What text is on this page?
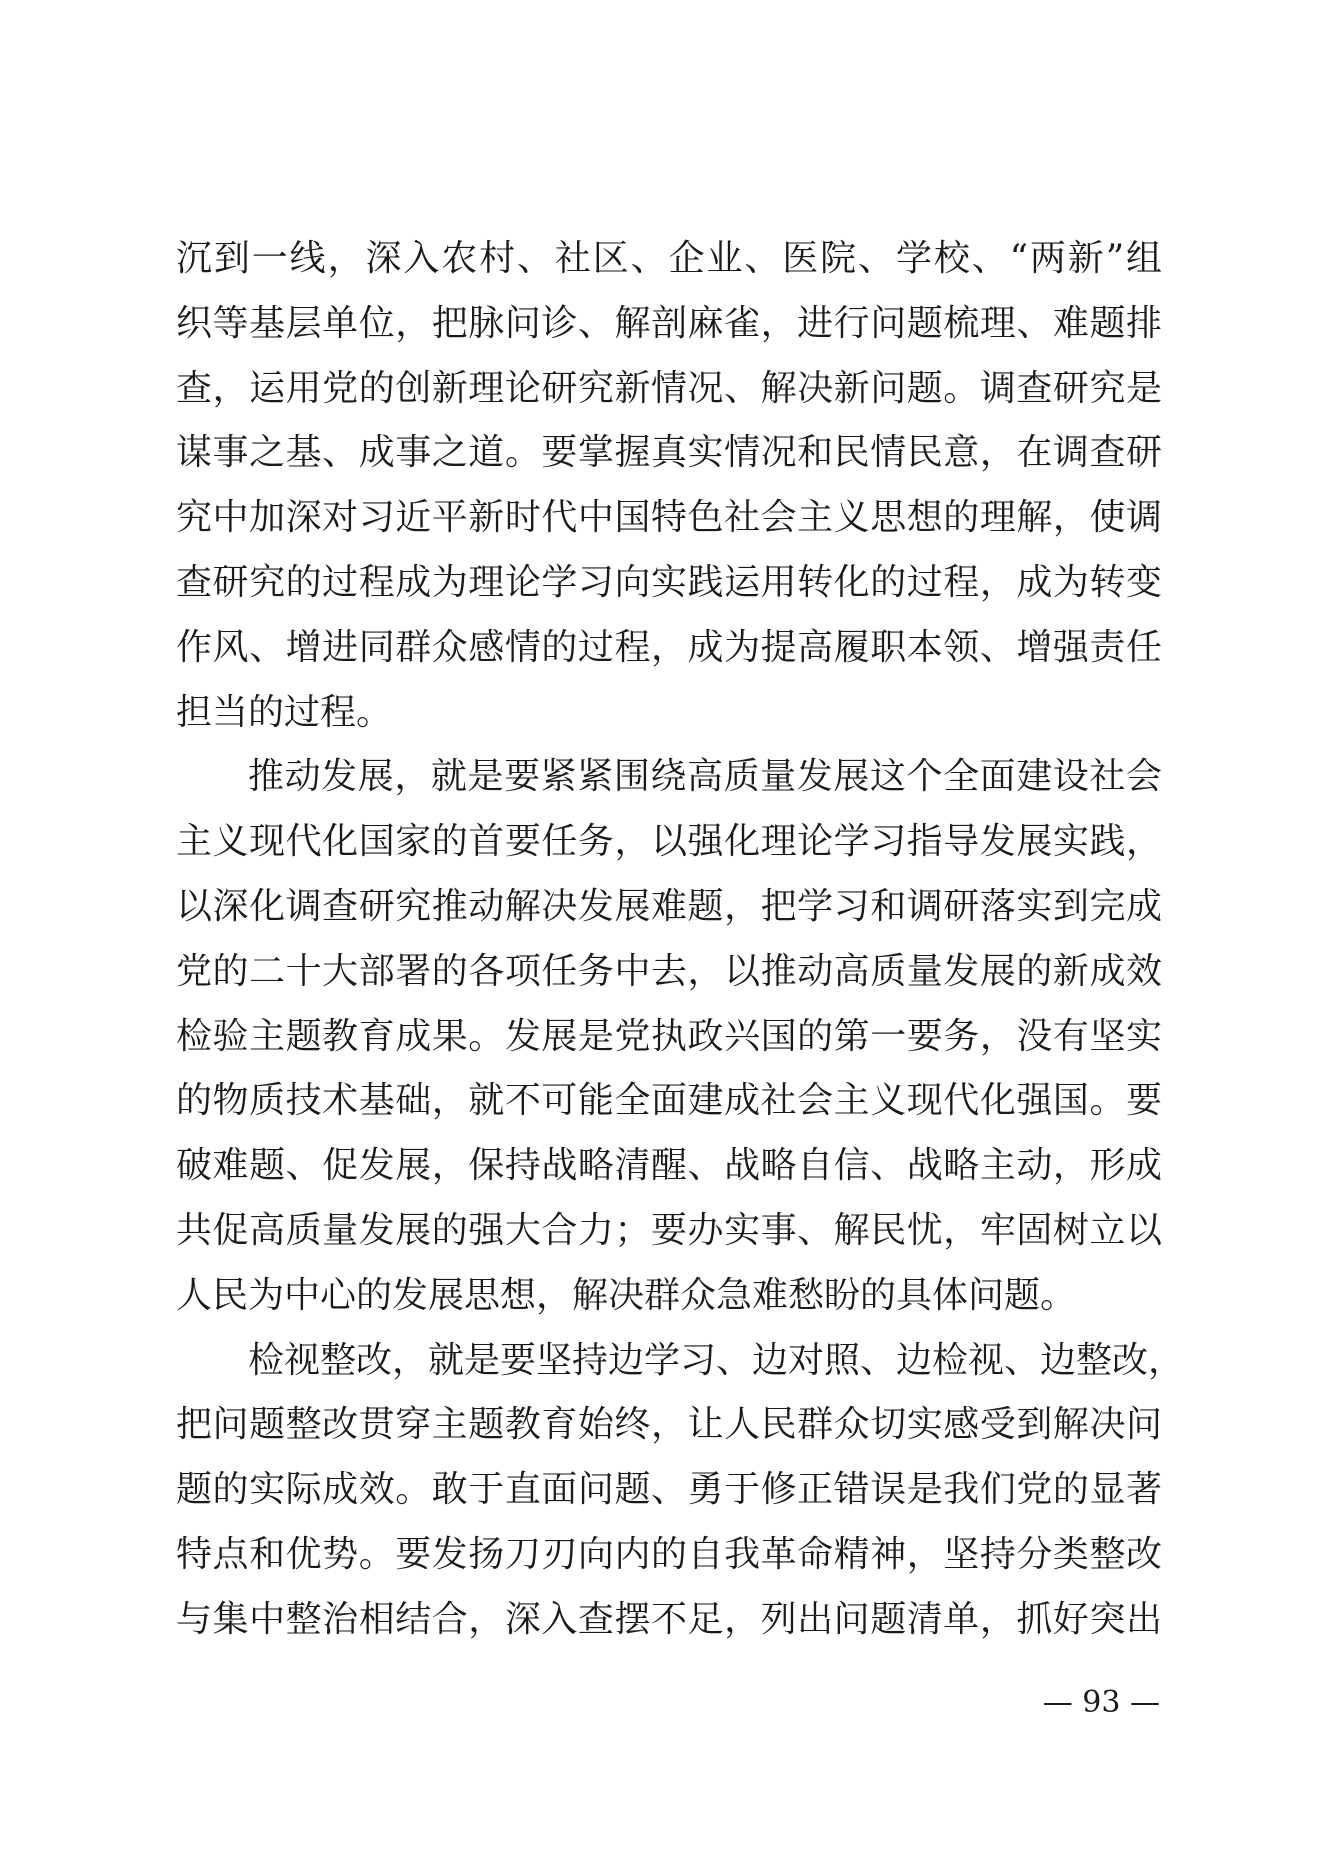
沉到一线，深入农村、社区、企业、医院、学校、“两新”组
织等基层单位，把脉问诊、解剖麻雀，进行问题梳理、难题排
查，运用党的创新理论研究新情况、解决新问题。调查研究是
谋事之基、成事之道。要掌握真实情况和民情民意，在调查研
究中加深对习近平新时代中国特色社会主义思想的理解，使调
查研究的过程成为理论学习向实践运用转化的过程，成为转变
作风、增进同群众感情的过程，成为提高履职本领、增强责任
担当的过程。
推动发展，就是要紧紧围绕高质量发展这个全面建设社会
主义现代化国家的首要任务，以强化理论学习指导发展实践，
以深化调查研究推动解决发展难题，把学习和调研落实到完成
党的二十大部署的各项任务中去，以推动高质量发展的新成效
检验主题教育成果。发展是党执政兴国的第一要务，没有坚实
的物质技术基础，就不可能全面建成社会主义现代化强国。要
破难题、促发展，保持战略清醒、战略自信、战略主动，形成
共促高质量发展的强大合力；要办实事、解民忧，牢固树立以
人民为中心的发展思想，解决群众急难愁盼的具体问题。
检视整改，就是要坚持边学习、边对照、边检视、边整改，
把问题整改贯穿主题教育始终，让人民群众切实感受到解决问
题的实际成效。敢于直面问题、勇于修正错误是我们党的显著
特点和优势。要发扬刀刃向内的自我革命精神，坚持分类整改
与集中整治相结合，深入查摆不足，列出问题清单，抓好突出
— 93 —
